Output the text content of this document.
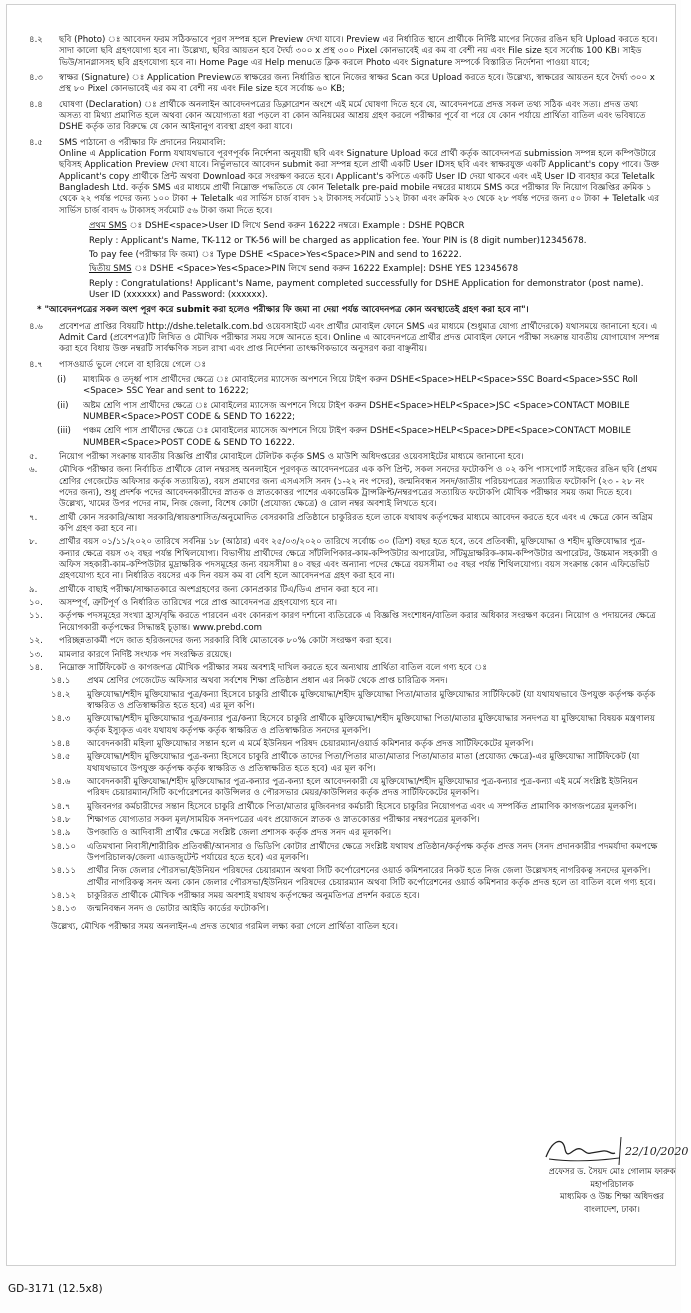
৪.২	ছবি (Photo) ঃ আবেদন ফরম সঠিকভাবে পূরণ সম্পন্ন হলে Preview দেখা যাবে। Preview এর নির্ধারিত স্থানে প্রার্থীকে নির্দিষ্ট মাপের নিজের রঙিন ছবি Upload করতে হবে। সাদা কালো ছবি গ্রহণযোগ্য হবে না। উল্লেখ্য, ছবির আয়তন হবে দৈর্ঘ্য ৩০০ x প্রস্থ ৩০০ Pixel কোনভাবেই এর কম বা বেশী নয় এবং File size হবে সর্বোচ্চ 100 KB। সাইড ভিউ/সানগ্লাসসহ ছবি গ্রহণযোগ্য হবে না। Home Page এর Help menuতে ক্লিক করলে Photo এবং Signature সম্পর্কে বিস্তারিত নির্দেশনা পাওয়া যাবে;
৪.৩	স্বাক্ষর (Signature) ঃ Application Previewতে স্বাক্ষরের জন্য নির্ধারিত স্থানে নিজের স্বাক্ষর Scan করে Upload করতে হবে। উল্লেখ্য, স্বাক্ষরের আয়তন হবে দৈর্ঘ্য ৩০০ x প্রস্থ ৮০ Pixel কোনভাবেই এর কম বা বেশী নয় এবং File size হবে সর্বোচ্চ ৬০ KB;
৪.৪	ঘোষণা (Declaration) ঃ প্রার্থীকে অনলাইন আবেদনপত্রের ডিক্লারেশন অংশে এই মর্মে ঘোষণা দিতে হবে যে, আবেদনপত্রে প্রদত্ত সকল তথ্য সঠিক এবং সত্য। প্রদত্ত তথ্য অসত্য বা মিথ্যা প্রমাণিত হলে অথবা কোন অযোগ্যতা ধরা পড়লে বা কোন অনিয়মের আশ্রয় গ্রহণ করলে পরীক্ষার পূর্বে বা পরে যে কোন পর্যায়ে প্রার্থিতা বাতিল এবং ভবিষ্যতে DSHE কর্তৃক তার বিরুদ্ধে যে কোন আইনানুগ ব্যবস্থা গ্রহণ করা যাবে।
৪.৫	SMS পাঠানো ও পরীক্ষার ফি প্রদানের নিয়মাবলি:
Online এ Application Form যথাযথভাবে পূরণপূর্বক নির্দেশনা অনুযায়ী ছবি এবং Signature Upload করে প্রার্থী কর্তৃক আবেদনপত্র submission সম্পন্ন হলে কম্পিউটারে ছবিসহ Application Preview দেখা যাবে। নির্ভুলভাবে আবেদন submit করা সম্পন্ন হলে প্রার্থী একটি User IDসহ ছবি এবং স্বাক্ষরযুক্ত একটি Applicant's copy পাবে। উক্ত Applicant's copy প্রার্থীকে প্রিন্ট অথবা Download করে সংরক্ষণ করতে হবে। Applicant's কপিতে একটি User ID দেয়া থাকবে এবং এই User ID ব্যবহার করে Teletalk Bangladesh Ltd. কর্তৃক SMS এর মাধ্যমে প্রার্থী নিম্নোক্ত পদ্ধতিতে যে কোন Teletalk pre-paid mobile নম্বরের মাধ্যমে SMS করে পরীক্ষার ফি নিয়োগ বিজ্ঞপ্তির ক্রমিক ১ থেকে ২২ পর্যন্ত পদের জন্য ১০০ টাকা + Teletalk এর সার্ভিস চার্জ বাবদ ১২ টাকাসহ সর্বমোট ১১২ টাকা এবং ক্রমিক ২৩ থেকে ২৮ পর্যন্ত পদের জন্য ৫০ টাকা + Teletalk এর সার্ভিস চার্জ বাবদ ৬ টাকাসহ সর্বমোট ৫৬ টাকা জমা দিতে হবে।
প্রথম SMS ঃ DSHE<space>User ID লিখে Send করুন 16222 নম্বরে। Example : DSHE PQBCR
Reply : Applicant's Name, TK-112 or TK-56 will be charged as application fee. Your PIN is (8 digit number)12345678.
To pay fee (পরীক্ষার ফি জমা) ঃ Type DSHE <Space>Yes<Space>PIN and send to 16222.
দ্বিতীয় SMS ঃ DSHE <Space>Yes<Space>PIN লিখে send করুন 16222 Example|: DSHE YES 12345678
Reply : Congratulations! Applicant's Name, payment completed successfully for DSHE Application for demonstrator (post name). User ID (xxxxxx) and Password: (xxxxxx).
* "আবেদনপত্রের সকল অংশ পূরণ করে submit করা হলেও পরীক্ষার ফি জমা না দেয়া পর্যন্ত আবেদনপত্র কোন অবস্থাতেই গ্রহণ করা হবে না"।
৪.৬	প্রবেশপত্র প্রাপ্তির বিষয়টি http://dshe.teletalk.com.bd ওয়েবসাইটে এবং প্রার্থীর মোবাইল ফোনে SMS এর মাধ্যমে (শুধুমাত্র যোগ্য প্রার্থীদেরকে) যথাসময়ে জানানো হবে। এ Admit Card (প্রবেশপত্র)টি লিখিত ও মৌখিক পরীক্ষার সময় সঙ্গে আনতে হবে। Online এ আবেদনপত্রে প্রার্থীর প্রদত্ত মোবাইল ফোনে পরীক্ষা সংক্রান্ত যাবতীয় যোগাযোগ সম্পন্ন করা হবে বিধায় উক্ত নম্বরটি সার্বক্ষণিক সচল রাখা এবং প্রাপ্ত নির্দেশনা তাৎক্ষণিকভাবে অনুসরণ করা বাঞ্ছনীয়।
৪.৭	পাসওয়ার্ড ভুলে গেলে বা হারিয়ে গেলে ঃ
(i)	মাধ্যমিক ও তদূর্ধ্ব পাস প্রার্থীদের ক্ষেত্রে ঃ মোবাইলের ম্যাসেজ অপশনে গিয়ে টাইপ করুন DSHE<Space>HELP<Space>SSC Board<Space>SSC Roll <Space> SSC Year and sent to 16222;
(ii)	অষ্টম শ্রেণি পাস প্রার্থীদের ক্ষেত্রে ঃ মোবাইলের ম্যাসেজ অপশনে গিয়ে টাইপ করুন DSHE<Space>HELP<Space>JSC <Space>CONTACT MOBILE NUMBER<Space>POST CODE & SEND TO 16222;
(iii)	পঞ্চম শ্রেণি পাস প্রার্থীদের ক্ষেত্রে ঃ মোবাইলের ম্যাসেজ অপশনে গিয়ে টাইপ করুন DSHE<Space>HELP<Space>DPE<Space>CONTACT MOBILE NUMBER<Space>POST CODE & SEND TO 16222.
৫.	নিয়োগ পরীক্ষা সংক্রান্ত যাবতীয় বিজ্ঞপ্তি প্রার্থীর মোবাইলে টেলিটক কর্তৃক SMS ও মাউশি অধিদপ্তরের ওয়েবসাইটের মাধ্যমে জানানো হবে।
৬.	মৌখিক পরীক্ষার জন্য নির্বাচিত প্রার্থীকে রোল নম্বরসহ অনলাইনে পূরণকৃত আবেদনপত্রের এক কপি প্রিন্ট, সকল সনদের ফটোকপি ও ০২ কপি পাসপোর্ট সাইজের রঙিন ছবি (প্রথম শ্রেণির গেজেটেড অফিসার কর্তৃক সত্যায়িত), বয়স প্রমাণের জন্য এসএসসি সনদ (১-২২ নং পদের), জন্মনিবন্ধন সনদ/জাতীয় পরিচয়পত্রের সত্যায়িত ফটোকপি (২৩ - ২৮ নং পদের জন্য), শুধু প্রদর্শক পদের আবেদনকারীদের স্নাতক ও স্নাতকোত্তর পাশের একাডেমিক ট্রান্সক্রিপ্ট/নম্বরপত্রের সত্যায়িত ফটোকপি মৌখিক পরীক্ষার সময় জমা দিতে হবে। উল্লেখ্য, খামের উপর পদের নাম, নিজ জেলা, বিশেষ কোটা (প্রযোজ্য ক্ষেত্রে) ও রোল নম্বর অবশ্যই লিখতে হবে।
৭.	প্রার্থী কোন সরকারি/আধা সরকারি/স্বায়ত্তশাসিত/অনুমোদিত বেসরকারি প্রতিষ্ঠানে চাকুরিরত হলে তাকে যথাযথ কর্তৃপক্ষের মাধ্যমে আবেদন করতে হবে এবং এ ক্ষেত্রে কোন অগ্রিম কপি গ্রহণ করা হবে না।
৮.	প্রার্থীর বয়স ০১/১১/২০২০ তারিখে সর্বনিম্ন ১৮ (আঠার) এবং ২৫/০৩/২০২০ তারিখে সর্বোচ্চ ৩০ (ত্রিশ) বছর হতে হবে, তবে প্রতিবন্ধী, মুক্তিযোদ্ধা ও শহীদ মুক্তিযোদ্ধার পুত্র-কন্যার ক্ষেত্রে বয়স ৩২ বছর পর্যন্ত শিথিলযোগ্য। বিভাগীয় প্রার্থীদের ক্ষেত্রে সাঁটলিপিকার-কাম-কম্পিউটার অপারেটর, সাঁটমুদ্রাক্ষরিক-কাম-কম্পিউটার অপারেটর, উচ্চমান সহকারী ও অফিস সহকারী-কাম-কম্পিউটার মুদ্রাক্ষরিক পদসমূহের জন্য বয়সসীমা ৪০ বছর এবং অন্যান্য পদের ক্ষেত্রে বয়সসীমা ৩৫ বছর পর্যন্ত শিথিলযোগ্য। বয়স সংক্রান্ত কোন এফিডেভিট গ্রহণযোগ্য হবে না। নির্ধারিত বয়সের এক দিন বয়স কম বা বেশি হলে আবেদনপত্র গ্রহণ করা হবে না।
৯.	প্রার্থীকে বাছাই পরীক্ষা/সাক্ষাতকারে অংশগ্রহণের জন্য কোনপ্রকার টিএ/ডিএ প্রদান করা হবে না।
১০.	অসম্পূর্ণ, ত্রুটিপূর্ণ ও নির্ধারিত তারিখের পরে প্রাপ্ত আবেদনপত্র গ্রহণযোগ্য হবে না।
১১.	কর্তৃপক্ষ পদসমূহের সংখ্যা হ্রাস/বৃদ্ধি করতে পারবেন এবং কোনরূপ কারণ দর্শানো ব্যতিরেকে এ বিজ্ঞপ্তি সংশোধন/বাতিল করার অধিকার সংরক্ষণ করেন। নিয়োগ ও পদায়নের ক্ষেত্রে নিয়োগকারী কর্তৃপক্ষের সিদ্ধান্তই চূড়ান্ত। www.prebd.com
১২.	পরিচ্ছন্নতাকর্মী পদে জাত হরিজনদের জন্য সরকারি বিধি মোতাবেক ৮০% কোটা সংরক্ষণ করা হবে।
১৩.	মামলার কারণে নির্দিষ্ট সংখ্যক পদ সংরক্ষিত রয়েছে।
১৪.	নিম্নোক্ত সার্টিফিকেট ও কাগজপত্র মৌখিক পরীক্ষার সময় অবশ্যই দাখিল করতে হবে অন্যথায় প্রার্থিতা বাতিল বলে গণ্য হবে ঃ
১৪.১	প্রথম শ্রেণির গেজেটেড অফিসার অথবা সর্বশেষ শিক্ষা প্রতিষ্ঠান প্রধান এর নিকট থেকে প্রাপ্ত চারিত্রিক সনদ।
১৪.২	মুক্তিযোদ্ধা/শহীদ মুক্তিযোদ্ধার পুত্র/কন্যা হিসেবে চাকুরি প্রার্থীকে মুক্তিযোদ্ধা/শহীদ মুক্তিযোদ্ধা পিতা/মাতার মুক্তিযোদ্ধার সার্টিফিকেট (যা যথাযথভাবে উপযুক্ত কর্তৃপক্ষ কর্তৃক স্বাক্ষরিত ও প্রতিস্বাক্ষরিত হতে হবে) এর মূল কপি।
১৪.৩	মুক্তিযোদ্ধা/শহীদ মুক্তিযোদ্ধার পুত্র/কন্যার পুত্র/কন্যা হিসেবে চাকুরি প্রার্থীকে মুক্তিযোদ্ধা/শহীদ মুক্তিযোদ্ধা পিতা/মাতার মুক্তিযোদ্ধার সনদপত্র যা মুক্তিযোদ্ধা বিষয়ক মন্ত্রণালয় কর্তৃক ইস্যুকৃত এবং যথাযথ কর্তৃপক্ষ কর্তৃক স্বাক্ষরিত ও প্রতিস্বাক্ষরিত সনদের মূলকপি।
১৪.৪	আবেদনকারী মহিলা মুক্তিযোদ্ধার সন্তান হলে এ মর্মে ইউনিয়ন পরিষদ চেয়ারম্যান/ওয়ার্ড কমিশনার কর্তৃক প্রদত্ত সার্টিফিকেটের মূলকপি।
১৪.৫	মুক্তিযোদ্ধা/শহীদ মুক্তিযোদ্ধার পুত্র-কন্যা হিসেবে চাকুরি প্রার্থীকে তাদের পিতা/পিতার মাতা/মাতার পিতা/মাতার মাতা (প্রযোজ্য ক্ষেত্রে)-এর মুক্তিযোদ্ধা সার্টিফিকেট (যা যথাযথভাবে উপযুক্ত কর্তৃপক্ষ কর্তৃক স্বাক্ষরিত ও প্রতিস্বাক্ষরিত হতে হবে) এর মূল কপি।
১৪.৬	আবেদনকারী মুক্তিযোদ্ধা/শহীদ মুক্তিযোদ্ধার পুত্র-কন্যার পুত্র-কন্যা হলে আবেদনকারী যে মুক্তিযোদ্ধা/শহীদ মুক্তিযোদ্ধার পুত্র-কন্যার পুত্র-কন্যা এই মর্মে সংশ্লিষ্ট ইউনিয়ন পরিষদ চেয়ারম্যান/সিটি কর্পোরেশনের কাউন্সিলর ও পৌরসভার মেয়র/কাউন্সিলর কর্তৃক প্রদত্ত সার্টিফিকেটের মূলকপি।
১৪.৭	মুজিবনগর কর্মচারীদের সন্তান হিসেবে চাকুরি প্রার্থীকে পিতা/মাতার মুজিবনগর কর্মচারী হিসেবে চাকুরির নিয়োগপত্র এবং এ সম্পর্কিত প্রামাণিক কাগজপত্রের মূলকপি।
১৪.৮	শিক্ষাগত যোগ্যতার সকল মূল/সাময়িক সনদপত্রের এবং প্রয়োজনে স্নাতক ও স্নাতকোত্তর পরীক্ষার নম্বরপত্রের মূলকপি।
১৪.৯	উপজাতি ও আদিবাসী প্রার্থীর ক্ষেত্রে সংশ্লিষ্ট জেলা প্রশাসক কর্তৃক প্রদত্ত সনদ এর মূলকপি।
১৪.১০	এতিমখানা নিবাসী/শারীরিক প্রতিবন্ধী/আনসার ও ভিডিপি কোটার প্রার্থীদের ক্ষেত্রে সংশ্লিষ্ট যথাযথ প্রতিষ্ঠান/কর্তৃপক্ষ কর্তৃক প্রদত্ত সনদ (সনদ প্রদানকারীর পদমর্যাদা কমপক্ষে উপপরিচালক/জেলা এ্যাডজুটেন্ট পর্যায়ের হতে হবে) এর মূলকপি।
১৪.১১	প্রার্থীর নিজ জেলার পৌরসভা/ইউনিয়ন পরিষদের চেয়ারম্যান অথবা সিটি কর্পোরেশনের ওয়ার্ড কমিশনারের নিকট হতে নিজ জেলা উল্লেখসহ নাগরিকত্ব সনদের মূলকপি। প্রার্থীর নাগরিকত্ব সনদ অন্য কোন জেলার পৌরসভা/ইউনিয়ন পরিষদের চেয়ারম্যান অথবা সিটি কর্পোরেশনের ওয়ার্ড কমিশনার কর্তৃক প্রদত্ত হলে তা বাতিল বলে গণ্য হবে।
১৪.১২	চাকুরিরত প্রার্থীকে মৌখিক পরীক্ষার সময় অবশ্যই যথাযথ কর্তৃপক্ষের অনুমতিপত্র প্রদর্শন করতে হবে।
১৪.১৩	জন্মনিবন্ধন সনদ ও ভোটার আইডি কার্ডের ফটোকপি।
উল্লেখ্য, মৌখিক পরীক্ষার সময় অনলাইন-এ প্রদত্ত তথ্যের গরমিল লক্ষ্য করা গেলে প্রার্থিতা বাতিল হবে।
22/10/2020
প্রফেসর ড. সৈয়দ মোঃ গোলাম ফারুক
মহাপরিচালক
মাধ্যমিক ও উচ্চ শিক্ষা অধিদপ্তর
বাংলাদেশ, ঢাকা।
GD-3171 (12.5x8)
